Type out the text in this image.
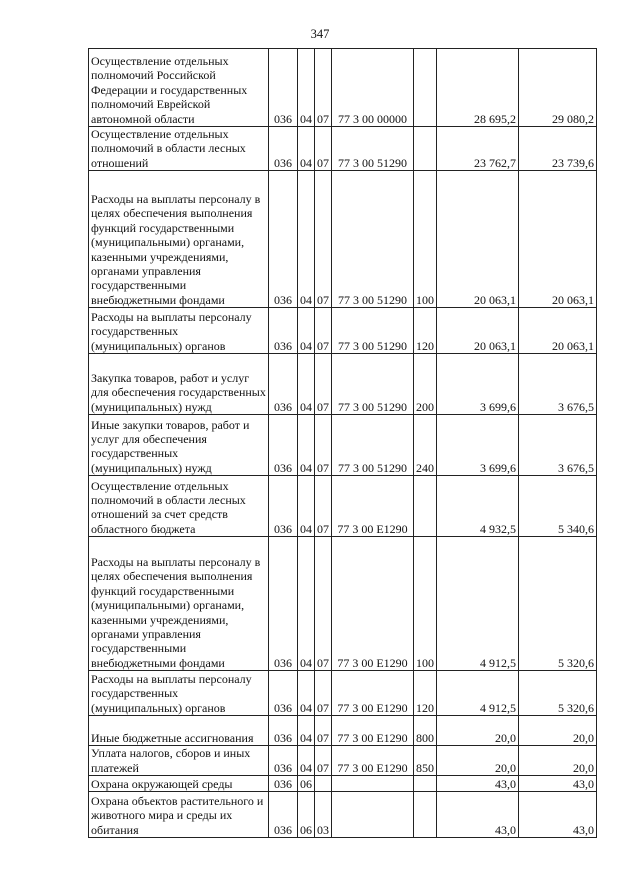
347
Осуществление отдельных полномочий Российской Федерации и государственных полномочий Еврейской автономной области	036	04	07	77 3 00 00000		28 695,2	29 080,2
Осуществление отдельных полномочий в области лесных отношений	036	04	07	77 3 00 51290		23 762,7	23 739,6
Расходы на выплаты персоналу в целях обеспечения выполнения функций государственными (муниципальными) органами, казенными учреждениями, органами управления государственными внебюджетными фондами	036	04	07	77 3 00 51290	100	20 063,1	20 063,1
Расходы на выплаты персоналу государственных (муниципальных) органов	036	04	07	77 3 00 51290	120	20 063,1	20 063,1
Закупка товаров, работ и услуг для обеспечения государственных (муниципальных) нужд	036	04	07	77 3 00 51290	200	3 699,6	3 676,5
Иные закупки товаров, работ и услуг для обеспечения государственных (муниципальных) нужд	036	04	07	77 3 00 51290	240	3 699,6	3 676,5
Осуществление отдельных полномочий в области лесных отношений за счет средств областного бюджета	036	04	07	77 3 00 Е1290		4 932,5	5 340,6
Расходы на выплаты персоналу в целях обеспечения выполнения функций государственными (муниципальными) органами, казенными учреждениями, органами управления государственными внебюджетными фондами	036	04	07	77 3 00 Е1290	100	4 912,5	5 320,6
Расходы на выплаты персоналу государственных (муниципальных) органов	036	04	07	77 3 00 Е1290	120	4 912,5	5 320,6
Иные бюджетные ассигнования	036	04	07	77 3 00 Е1290	800	20,0	20,0
Уплата налогов, сборов и иных платежей	036	04	07	77 3 00 Е1290	850	20,0	20,0
Охрана окружающей среды	036	06				43,0	43,0
Охрана объектов растительного и животного мира и среды их обитания	036	06	03			43,0	43,0
